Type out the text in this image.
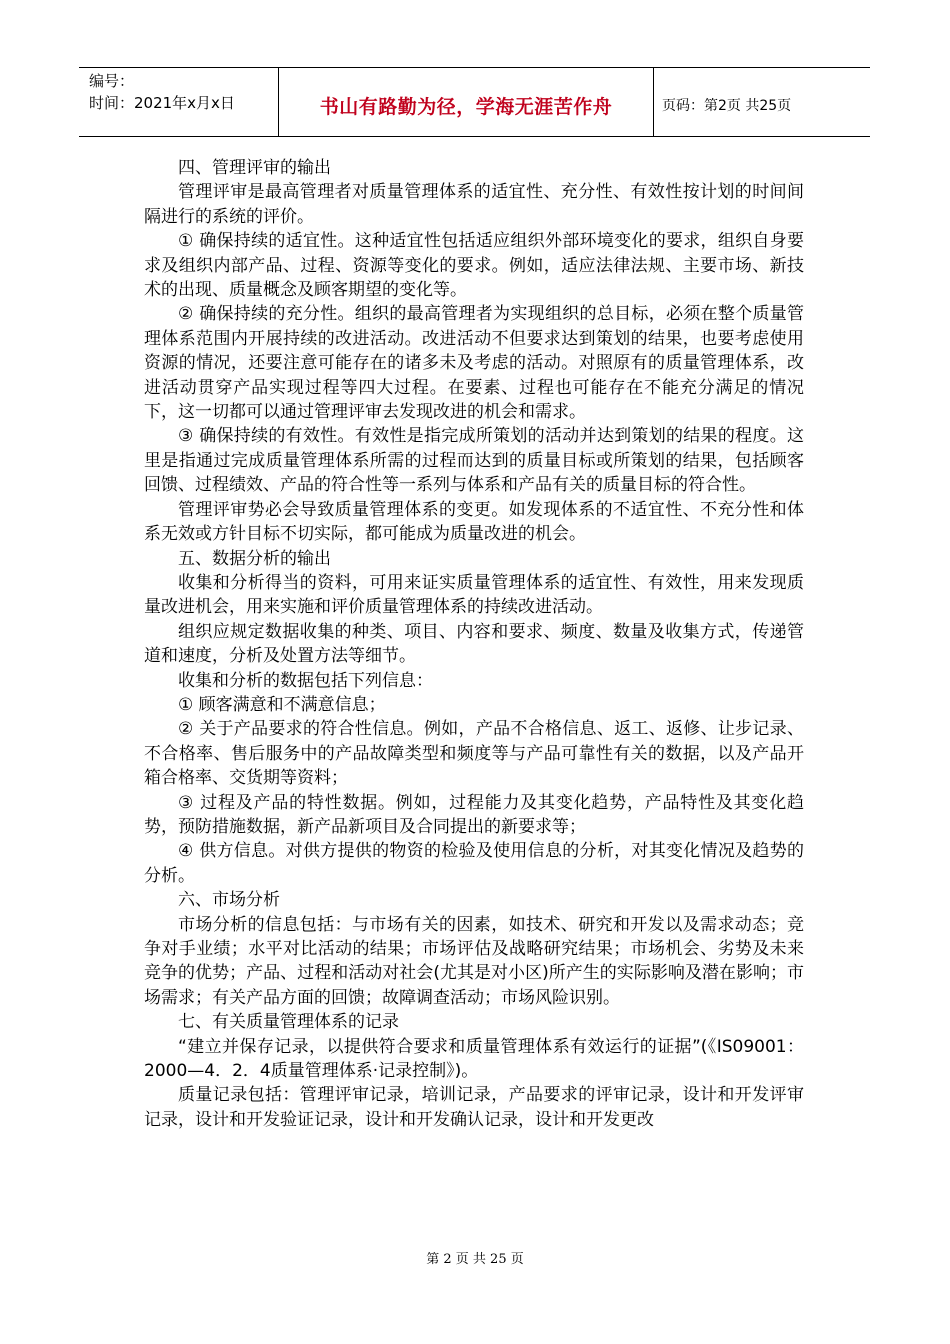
编号：
时间：2021年x月x日	书山有路勤为径，学海无涯苦作舟	页码：第2页 共25页

四、管理评审的输出

管理评审是最高管理者对质量管理体系的适宜性、充分性、有效性按计划的时间间隔进行的系统的评价。

① 确保持续的适宜性。这种适宜性包括适应组织外部环境变化的要求，组织自身要求及组织内部产品、过程、资源等变化的要求。例如，适应法律法规、主要市场、新技术的出现、质量概念及顾客期望的变化等。

② 确保持续的充分性。组织的最高管理者为实现组织的总目标，必须在整个质量管理体系范围内开展持续的改进活动。改进活动不但要求达到策划的结果，也要考虑使用资源的情况，还要注意可能存在的诸多未及考虑的活动。对照原有的质量管理体系，改进活动贯穿产品实现过程等四大过程。在要素、过程也可能存在不能充分满足的情况下，这一切都可以通过管理评审去发现改进的机会和需求。

③ 确保持续的有效性。有效性是指完成所策划的活动并达到策划的结果的程度。这里是指通过完成质量管理体系所需的过程而达到的质量目标或所策划的结果，包括顾客回馈、过程绩效、产品的符合性等一系列与体系和产品有关的质量目标的符合性。

管理评审势必会导致质量管理体系的变更。如发现体系的不适宜性、不充分性和体系无效或方针目标不切实际，都可能成为质量改进的机会。

五、数据分析的输出

收集和分析得当的资料，可用来证实质量管理体系的适宜性、有效性，用来发现质量改进机会，用来实施和评价质量管理体系的持续改进活动。

组织应规定数据收集的种类、项目、内容和要求、频度、数量及收集方式，传递管道和速度，分析及处置方法等细节。

收集和分析的数据包括下列信息：

① 顾客满意和不满意信息；

② 关于产品要求的符合性信息。例如，产品不合格信息、返工、返修、让步记录、不合格率、售后服务中的产品故障类型和频度等与产品可靠性有关的数据，以及产品开箱合格率、交货期等资料；

③ 过程及产品的特性数据。例如，过程能力及其变化趋势，产品特性及其变化趋势，预防措施数据，新产品新项目及合同提出的新要求等；

④ 供方信息。对供方提供的物资的检验及使用信息的分析，对其变化情况及趋势的分析。

六、市场分析

市场分析的信息包括：与市场有关的因素，如技术、研究和开发以及需求动态；竞争对手业绩；水平对比活动的结果；市场评估及战略研究结果；市场机会、劣势及未来竞争的优势；产品、过程和活动对社会(尤其是对小区)所产生的实际影响及潜在影响；市场需求；有关产品方面的回馈；故障调查活动；市场风险识别。

七、有关质量管理体系的记录

“建立并保存记录，以提供符合要求和质量管理体系有效运行的证据”(《IS09001：2000—4．2．4质量管理体系·记录控制》)。

质量记录包括：管理评审记录，培训记录，产品要求的评审记录，设计和开发评审记录，设计和开发验证记录，设计和开发确认记录，设计和开发更改

第 2 页 共 25 页
